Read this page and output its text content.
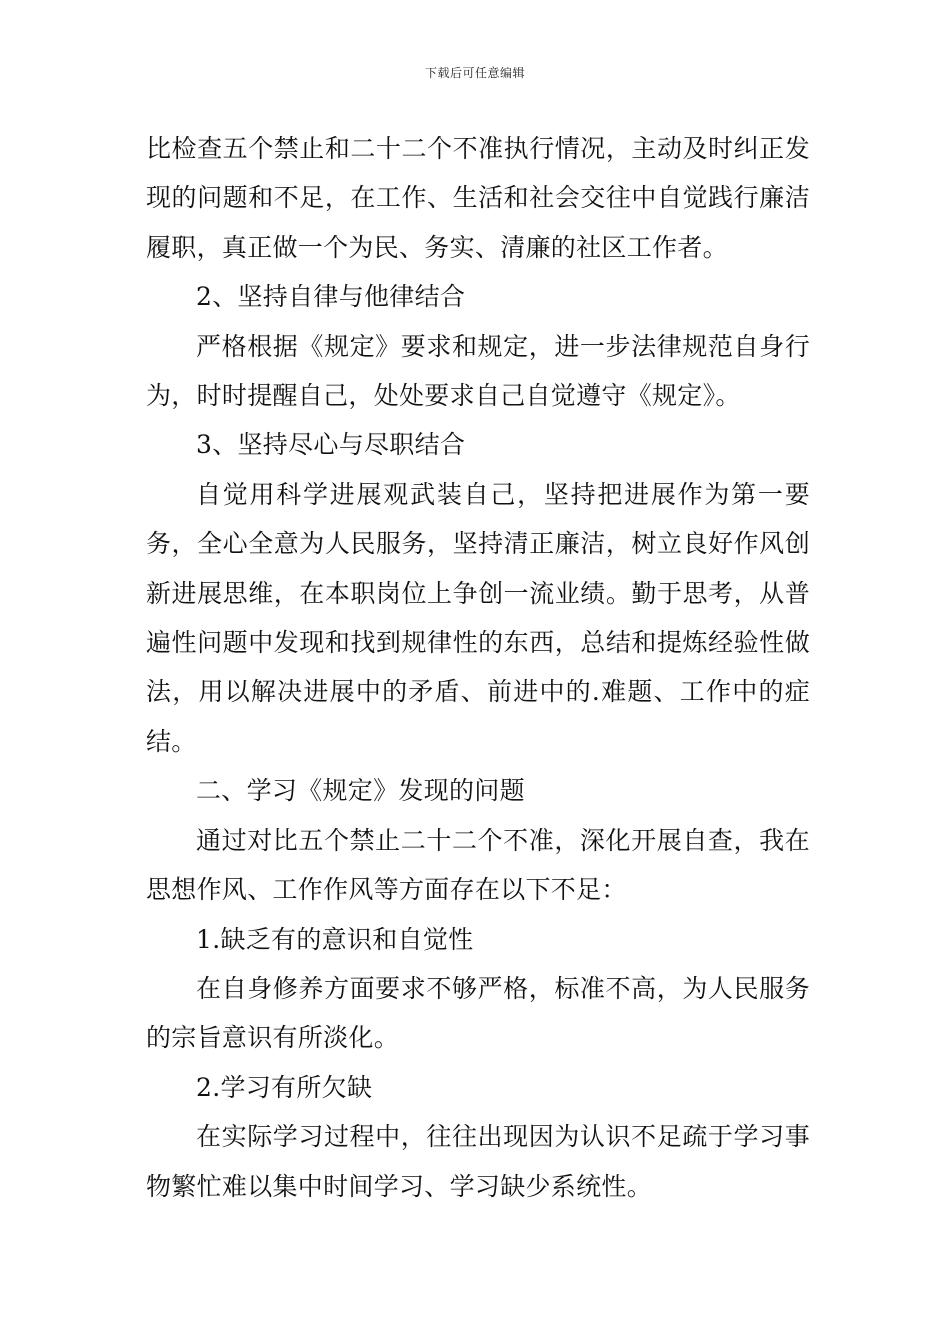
下载后可任意编辑

比检查五个禁止和二十二个不准执行情况，主动及时纠正发现的问题和不足，在工作、生活和社会交往中自觉践行廉洁履职，真正做一个为民、务实、清廉的社区工作者。

2、坚持自律与他律结合

严格根据《规定》要求和规定，进一步法律规范自身行为，时时提醒自己，处处要求自己自觉遵守《规定》。

3、坚持尽心与尽职结合

自觉用科学进展观武装自己，坚持把进展作为第一要务，全心全意为人民服务，坚持清正廉洁，树立良好作风创新进展思维，在本职岗位上争创一流业绩。勤于思考，从普遍性问题中发现和找到规律性的东西，总结和提炼经验性做法，用以解决进展中的矛盾、前进中的.难题、工作中的症结。

二、学习《规定》发现的问题

通过对比五个禁止二十二个不准，深化开展自查，我在思想作风、工作作风等方面存在以下不足：

1.缺乏有的意识和自觉性

在自身修养方面要求不够严格，标准不高，为人民服务的宗旨意识有所淡化。

2.学习有所欠缺

在实际学习过程中，往往出现因为认识不足疏于学习事物繁忙难以集中时间学习、学习缺少系统性。
